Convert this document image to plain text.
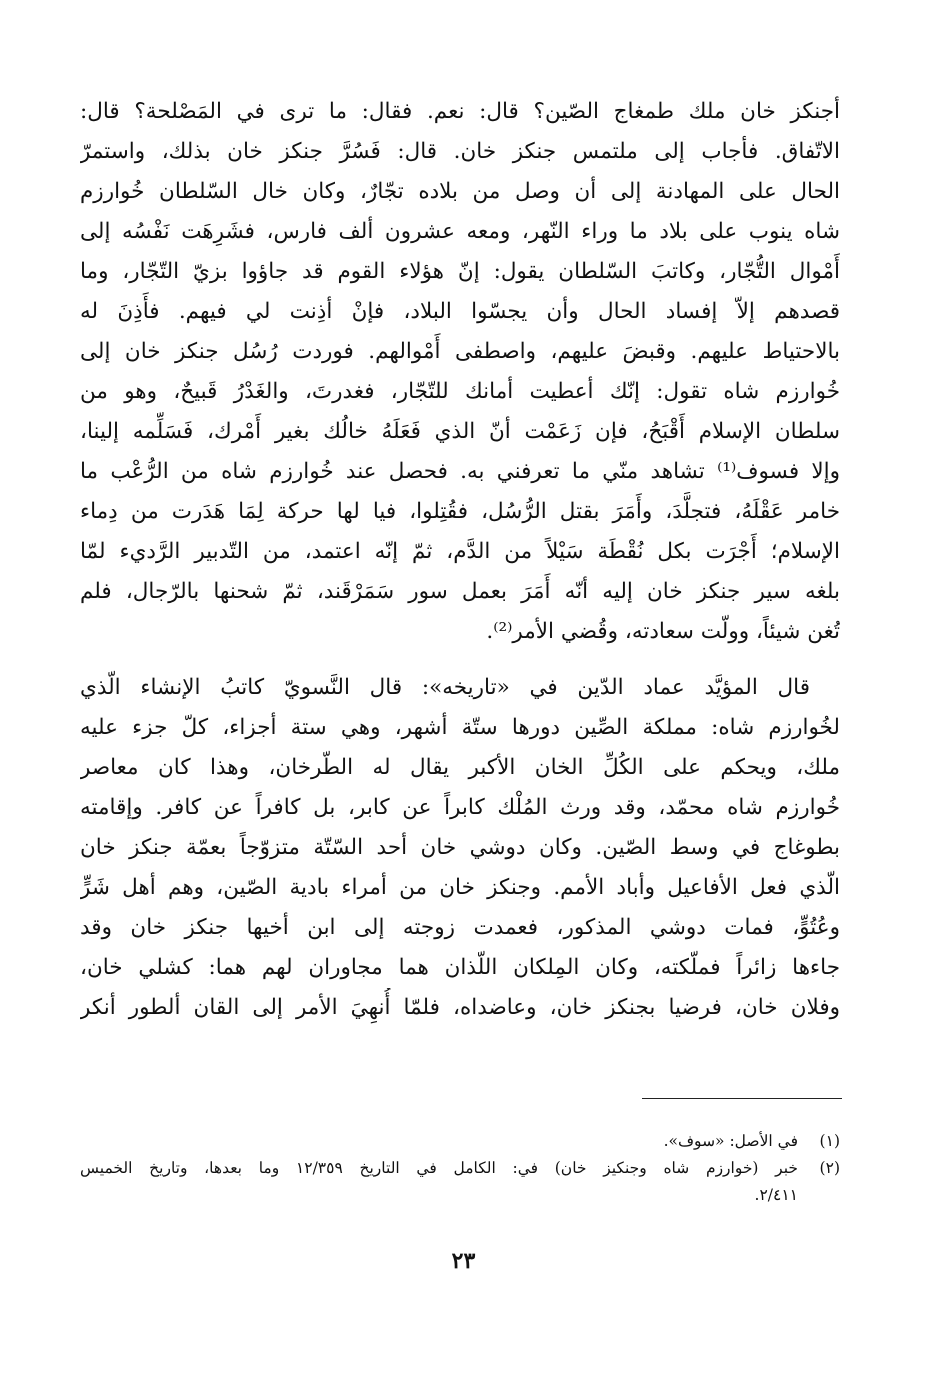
أجنكز خان ملك طمغاج الصّين؟ قال: نعم. فقال: ما ترى في المَصْلحة؟ قال:
الاتّفاق. فأجاب إلى ملتمس جنكز خان. قال: فَسُرَّ جنكز خان بذلك، واستمرّ
الحال على المهادنة إلى أن وصل من بلاده تجّارٌ، وكان خال السّلطان خُوارزم
شاه ينوب على بلاد ما وراء النّهر، ومعه عشرون ألف فارس، فشَرِهَت نَفْسُه إلى
أَمْوال التُّجّار، وكاتبَ السّلطان يقول: إنّ هؤلاء القوم قد جاؤوا بزيّ التّجّار، وما
قصدهم إلاّ إفساد الحال وأن يجسّوا البلاد، فإنْ أذِنت لي فيهم. فأَذِنَ له
بالاحتياط عليهم. وقبضَ عليهم، واصطفى أَمْوالهم. فوردت رُسُل جنكز خان إلى
خُوارزم شاه تقول: إنّك أعطيت أمانك للتّجّار، فغدرتَ، والغَدْرُ قَبيحٌ، وهو من
سلطان الإسلام أَقْبَحُ، فإن زَعَمْت أنّ الذي فَعَلَهُ خالُك بغير أَمْرك، فَسَلِّمه إلينا،
وإلا فسوف⁽¹⁾ تشاهد منّي ما تعرفني به. فحصل عند خُوارزم شاه من الرُّعْب ما
خامر عَقْلَهُ، فتجلَّدَ، وأَمَرَ بقتل الرُّسُل، فقُتِلوا، فيا لها حركة لِمَا هَدَرت من دِماء
الإسلام؛ أَجْرَت بكل نُقْطَة سَيْلاً من الدَّم، ثمّ إنّه اعتمد، من التّدبير الرَّديء لمّا
بلغه سير جنكز خان إليه أنّه أَمَرَ بعمل سور سَمَرْقَند، ثمّ شحنها بالرّجال، فلم
تُغن شيئاً، وولّت سعادته، وقُضي الأمر⁽²⁾.
قال المؤيَّد عماد الدّين في «تاريخه»: قال النَّسويّ كاتبُ الإنشاء الّذي
لخُوارزم شاه: مملكة الصِّين دورها ستّة أشهر، وهي ستة أجزاء، كلّ جزء عليه
ملك، ويحكم على الكُلِّ الخان الأكبر يقال له الطّرخان، وهذا كان معاصر
خُوارزم شاه محمّد، وقد ورث المُلْك كابراً عن كابر، بل كافراً عن كافر. وإقامته
بطوغاج في وسط الصّين. وكان دوشي خان أحد السّتّة متزوّجاً بعمّة جنكز خان
الّذي فعل الأفاعيل وأباد الأمم. وجنكز خان من أمراء بادية الصّين، وهم أهل شَرٍّ
وعُتُوٍّ، فمات دوشي المذكور، فعمدت زوجته إلى ابن أخيها جنكز خان وقد
جاءها زائراً فملّكته، وكان المِلكان اللّذان هما مجاوران لهم هما: كشلي خان،
وفلان خان، فرضيا بجنكز خان، وعاضداه، فلمّا أُنهِيَ الأمر إلى القان ألطور أنكر
(١)
في الأصل: «سوف».
(٢)
خبر (خوارزم شاه وجنكيز خان) في: الكامل في التاريخ ١٢/٣٥٩ وما بعدها، وتاريخ الخميس
٢/٤١١.
٢٣
